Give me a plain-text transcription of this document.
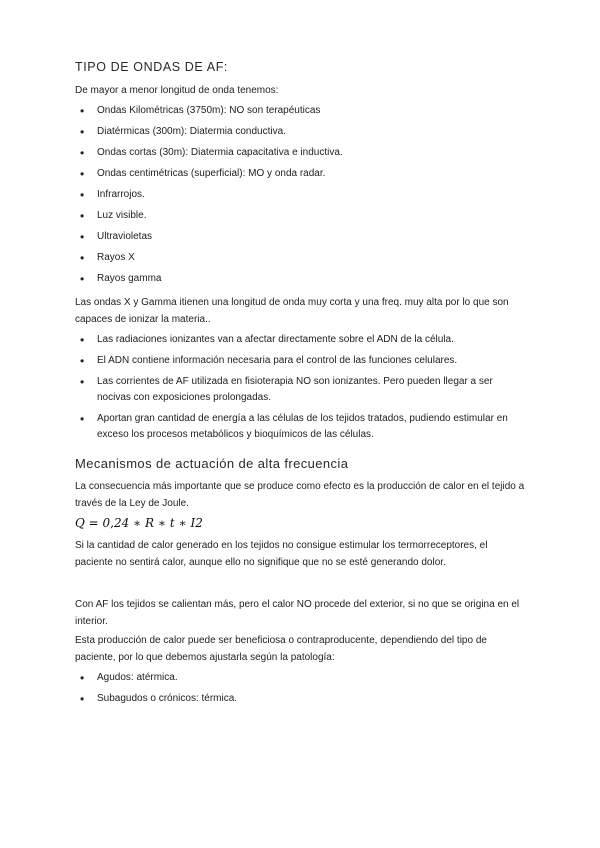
TIPO DE ONDAS DE AF:
De mayor a menor longitud de onda tenemos:
• Ondas Kilométricas (3750m): NO son terapéuticas
• Diatérmicas (300m): Diatermia conductiva.
• Ondas cortas (30m): Diatermia capacitativa e inductiva.
• Ondas centimétricas (superficial): MO y onda radar.
• Infrarrojos.
• Luz visible.
• Ultravioletas
• Rayos X
• Rayos gamma
Las ondas X y Gamma itienen una longitud de onda muy corta y una freq. muy alta por lo que son capaces de ionizar la materia..
• Las radiaciones ionizantes van a afectar directamente sobre el ADN de la célula.
• El ADN contiene información necesaria para el control de las funciones celulares.
• Las corrientes de AF utilizada en fisioterapia NO son ionizantes. Pero pueden llegar a ser nocivas con exposiciones prolongadas.
• Aportan gran cantidad de energía a las células de los tejidos tratados, pudiendo estimular en exceso los procesos metabólicos y bioquímicos de las células.
Mecanismos de actuación de alta frecuencia
La consecuencia más importante que se produce como efecto es la producción de calor en el tejido a través de la Ley de Joule.
Q = 0,24 ∗ R ∗ t ∗ I2
Si la cantidad de calor generado en los tejidos no consigue estimular los termorreceptores, el paciente no sentirá calor, aunque ello no signifique que no se esté generando dolor.
Con AF los tejidos se calientan más, pero el calor NO procede del exterior, si no que se origina en el interior.
Esta producción de calor puede ser beneficiosa o contraproducente, dependiendo del tipo de paciente, por lo que debemos ajustarla según la patología:
• Agudos: atérmica.
• Subagudos o crónicos: térmica.
